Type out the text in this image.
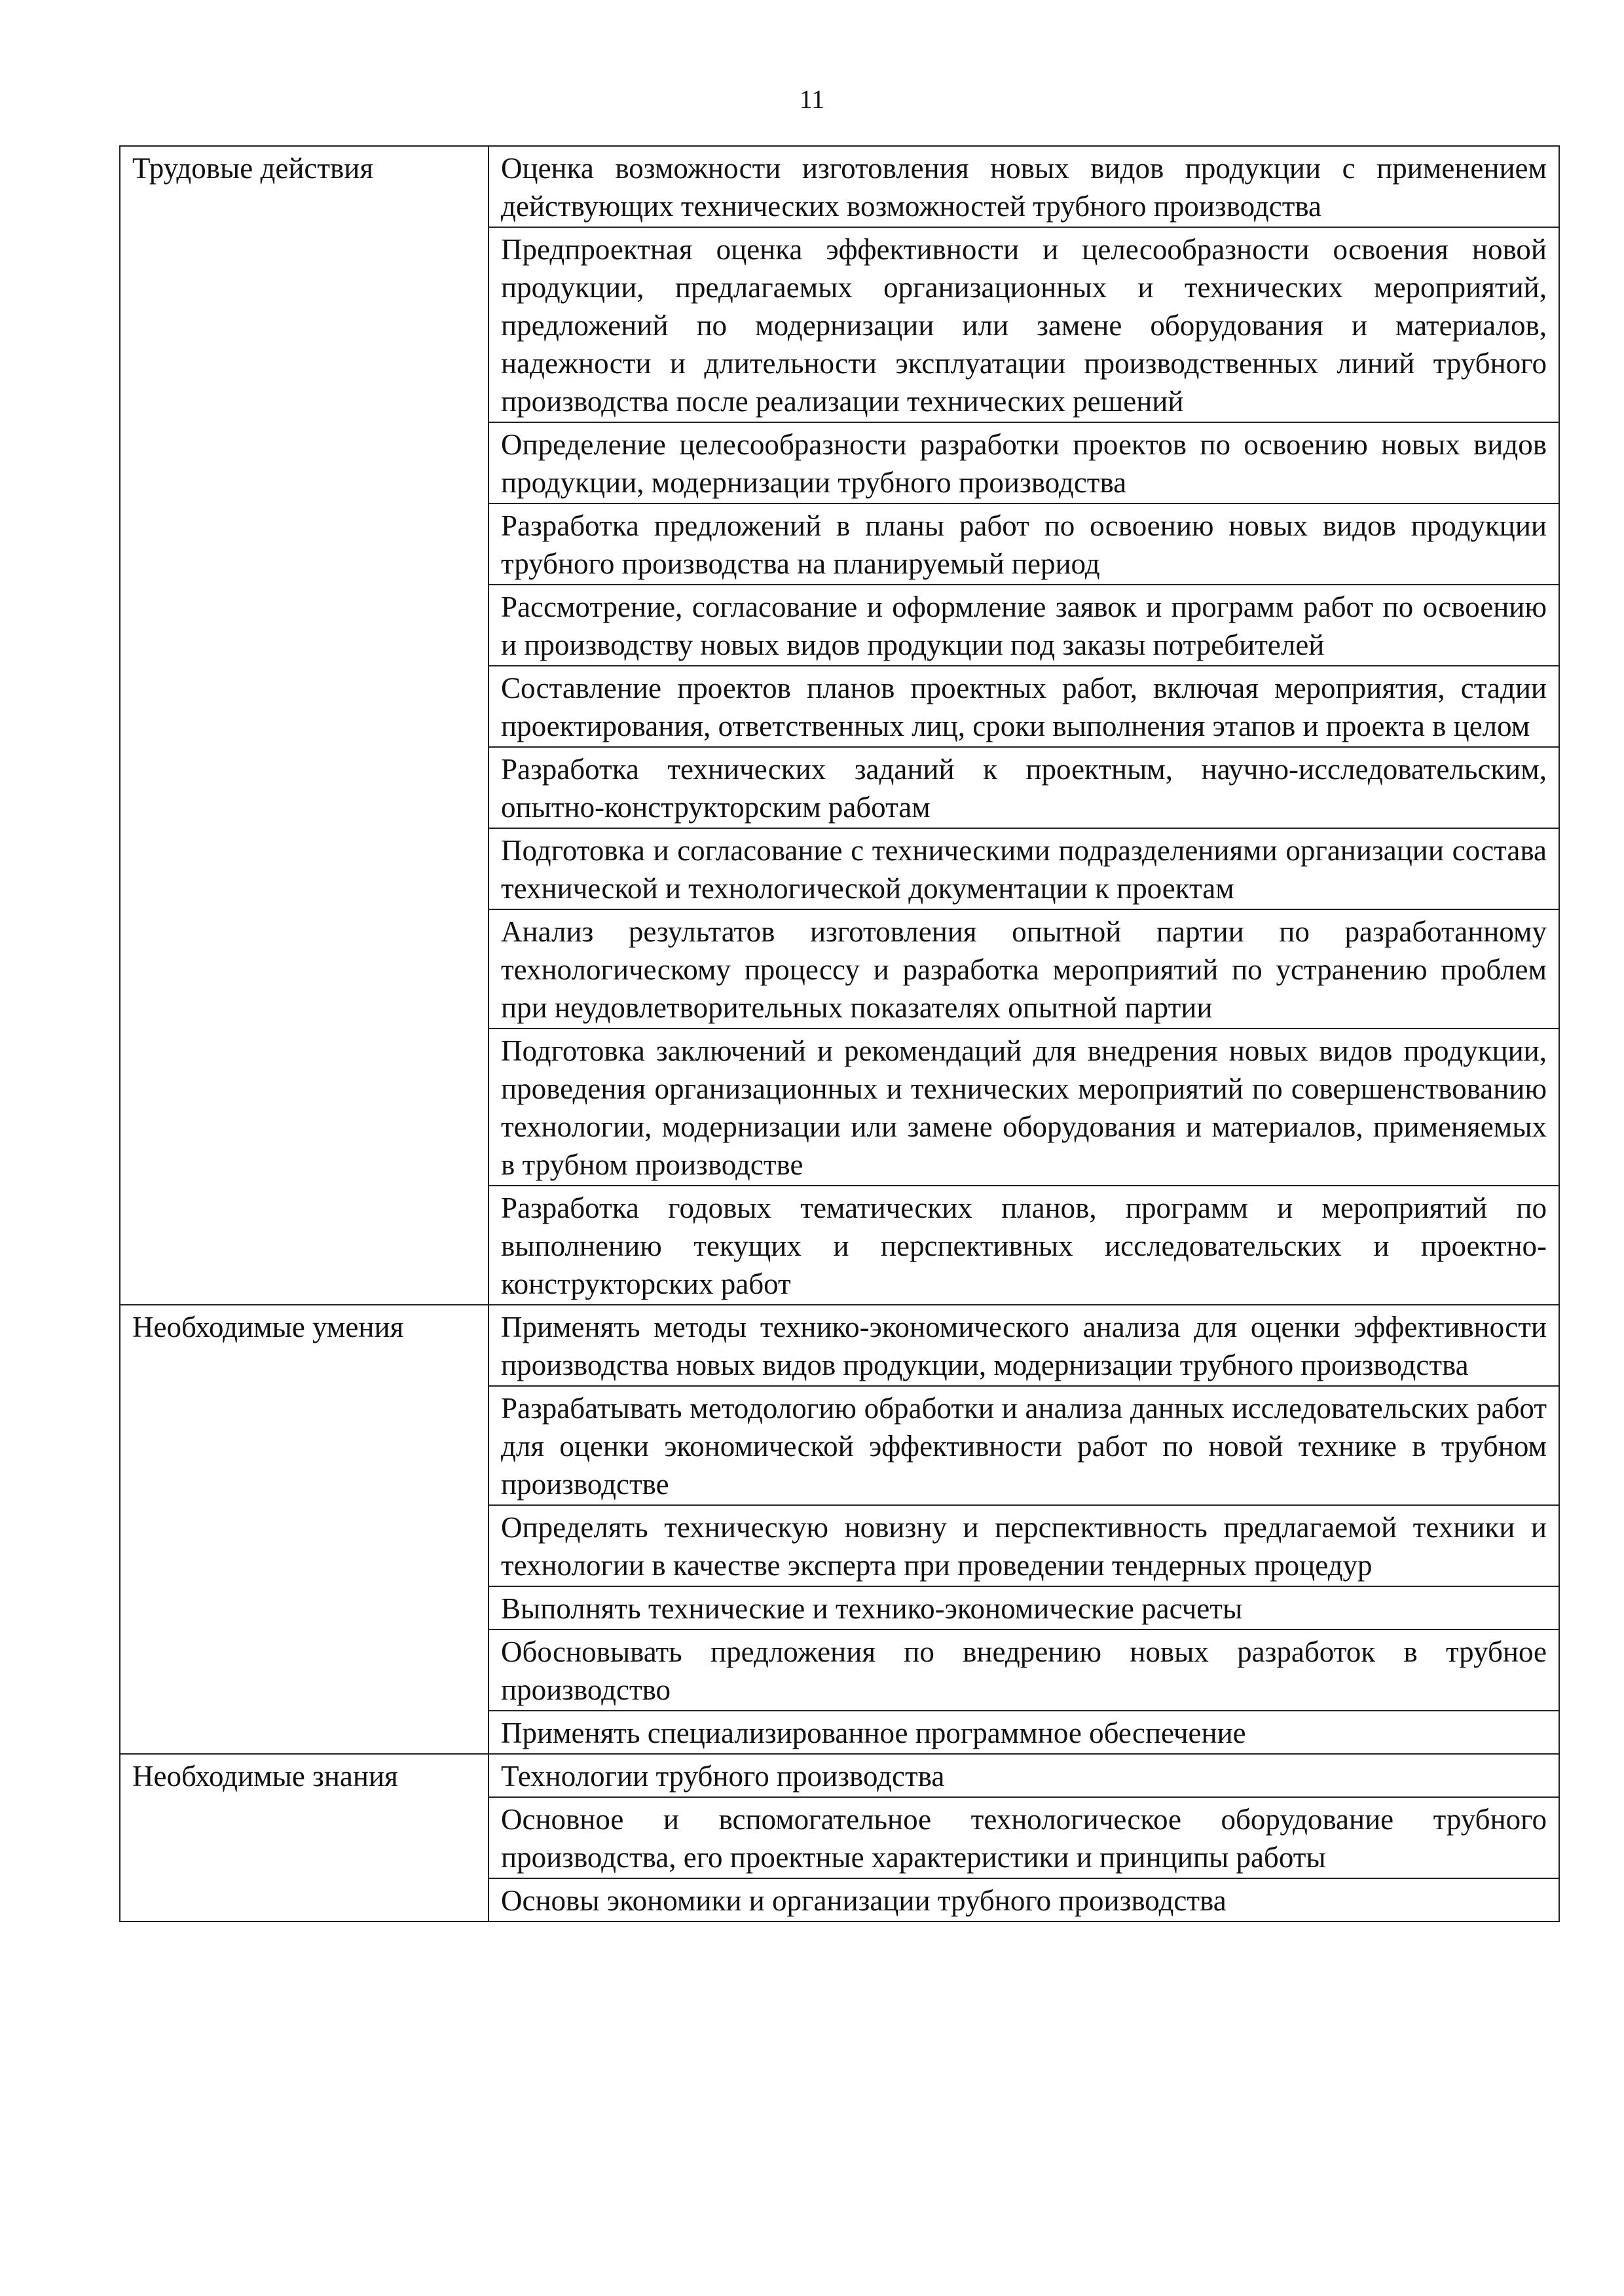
11
Трудовые действия	Оценка возможности изготовления новых видов продукции с применением действующих технических возможностей трубного производства
	Предпроектная оценка эффективности и целесообразности освоения новой продукции, предлагаемых организационных и технических мероприятий, предложений по модернизации или замене оборудования и материалов, надежности и длительности эксплуатации производственных линий трубного производства после реализации технических решений
	Определение целесообразности разработки проектов по освоению новых видов продукции, модернизации трубного производства
	Разработка предложений в планы работ по освоению новых видов продукции трубного производства на планируемый период
	Рассмотрение, согласование и оформление заявок и программ работ по освоению и производству новых видов продукции под заказы потребителей
	Составление проектов планов проектных работ, включая мероприятия, стадии проектирования, ответственных лиц, сроки выполнения этапов и проекта в целом
	Разработка технических заданий к проектным, научно-исследовательским, опытно-конструкторским работам
	Подготовка и согласование с техническими подразделениями организации состава технической и технологической документации к проектам
	Анализ результатов изготовления опытной партии по разработанному технологическому процессу и разработка мероприятий по устранению проблем при неудовлетворительных показателях опытной партии
	Подготовка заключений и рекомендаций для внедрения новых видов продукции, проведения организационных и технических мероприятий по совершенствованию технологии, модернизации или замене оборудования и материалов, применяемых в трубном производстве
	Разработка годовых тематических планов, программ и мероприятий по выполнению текущих и перспективных исследовательских и проектно-конструкторских работ
Необходимые умения	Применять методы технико-экономического анализа для оценки эффективности производства новых видов продукции, модернизации трубного производства
	Разрабатывать методологию обработки и анализа данных исследовательских работ для оценки экономической эффективности работ по новой технике в трубном производстве
	Определять техническую новизну и перспективность предлагаемой техники и технологии в качестве эксперта при проведении тендерных процедур
	Выполнять технические и технико-экономические расчеты
	Обосновывать предложения по внедрению новых разработок в трубное производство
	Применять специализированное программное обеспечение
Необходимые знания	Технологии трубного производства
	Основное и вспомогательное технологическое оборудование трубного производства, его проектные характеристики и принципы работы
	Основы экономики и организации трубного производства
